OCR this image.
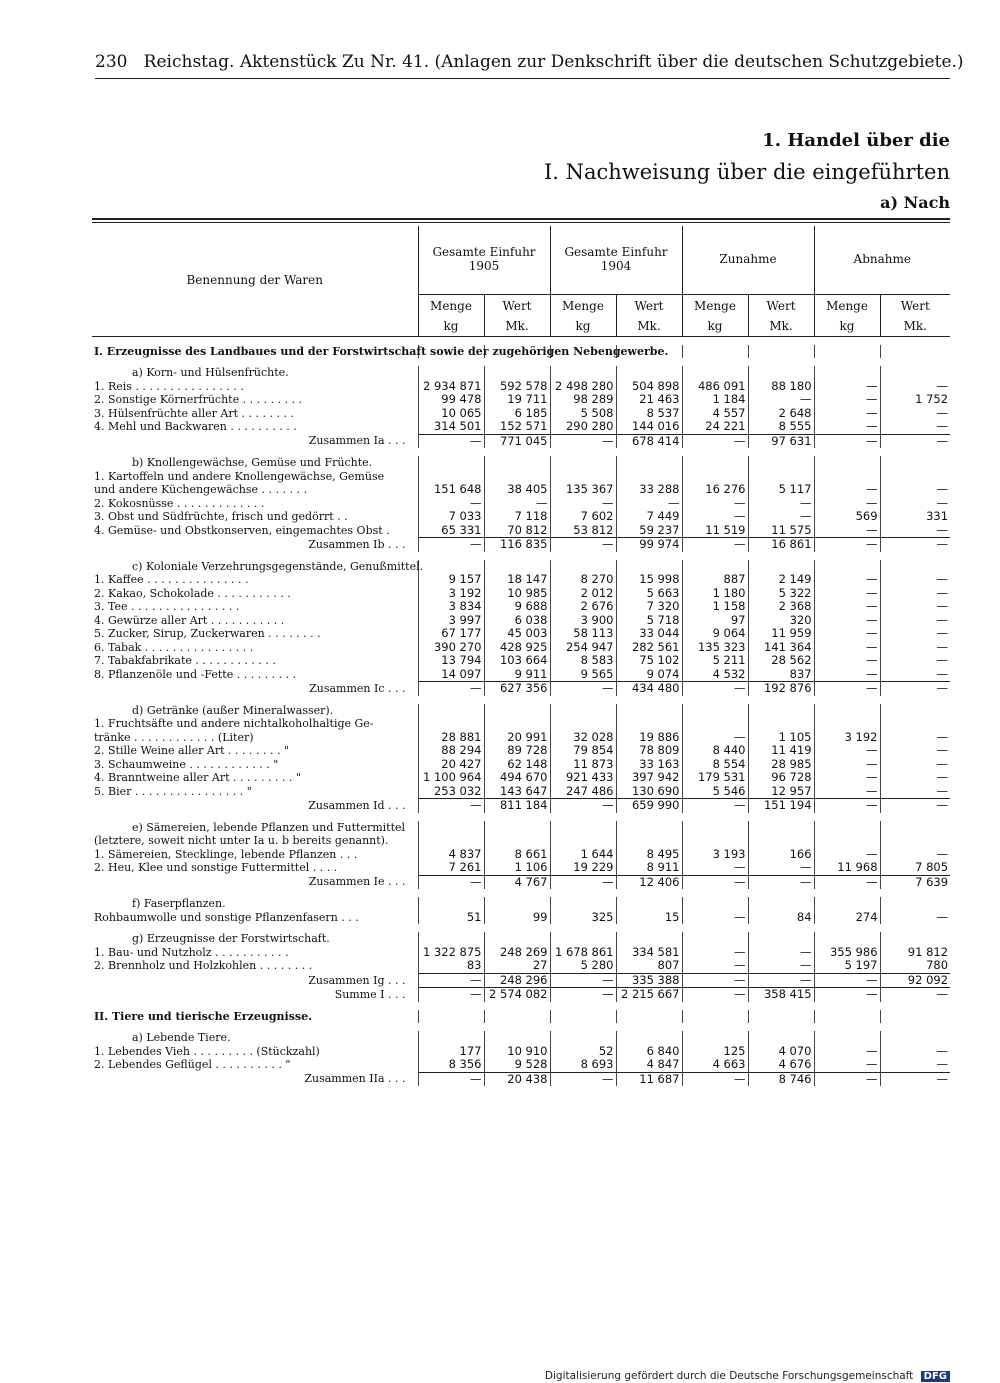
230 Reichstag. Aktenstück Zu Nr. 41. (Anlagen zur Denkschrift über die deutschen Schutzgebiete.)
1. Handel über die
I. Nachweisung über die eingeführten
a) Nach
Benennung der Waren	Gesamte Einfuhr 1905		Gesamte Einfuhr 1904		Zunahme		Abnahme	
	Menge	Wert	Menge	Wert	Menge	Wert	Menge	Wert
	kg	Mk.	kg	Mk.	kg	Mk.	kg	Mk.

I. Erzeugnisse des Landbaues und der Forstwirtschaft sowie der zugehörigen Nebengewerbe.								

a) Korn- und Hülsenfrüchte.								
1. Reis . . . . . . . . . . . . . . . .	2 934 871	592 578	2 498 280	504 898	486 091	88 180	—	—
2. Sonstige Körnerfrüchte . . . . . . . . .	99 478	19 711	98 289	21 463	1 184	—	—	1 752
3. Hülsenfrüchte aller Art . . . . . . . .	10 065	6 185	5 508	8 537	4 557	2 648	—	—
4. Mehl und Backwaren . . . . . . . . . .	314 501	152 571	290 280	144 016	24 221	8 555	—	—
Zusammen Ia . . .	—	771 045	—	678 414	—	97 631	—	—

b) Knollengewächse, Gemüse und Früchte.								
1. Kartoffeln und andere Knollengewächse, Gemüse								
und andere Küchengewächse . . . . . . .	151 648	38 405	135 367	33 288	16 276	5 117	—	—
2. Kokosnüsse . . . . . . . . . . . . .	—	—	—	—	—	—	—	—
3. Obst und Südfrüchte, frisch und gedörrt . .	7 033	7 118	7 602	7 449	—	—	569	331
4. Gemüse- und Obstkonserven, eingemachtes Obst .	65 331	70 812	53 812	59 237	11 519	11 575	—	—
Zusammen Ib . . .	—	116 835	—	99 974	—	16 861	—	—

c) Koloniale Verzehrungsgegenstände, Genußmittel.								
1. Kaffee . . . . . . . . . . . . . . .	9 157	18 147	8 270	15 998	887	2 149	—	—
2. Kakao, Schokolade . . . . . . . . . . .	3 192	10 985	2 012	5 663	1 180	5 322	—	—
3. Tee . . . . . . . . . . . . . . . .	3 834	9 688	2 676	7 320	1 158	2 368	—	—
4. Gewürze aller Art . . . . . . . . . . .	3 997	6 038	3 900	5 718	97	320	—	—
5. Zucker, Sirup, Zuckerwaren . . . . . . . .	67 177	45 003	58 113	33 044	9 064	11 959	—	—
6. Tabak . . . . . . . . . . . . . . . .	390 270	428 925	254 947	282 561	135 323	141 364	—	—
7. Tabakfabrikate . . . . . . . . . . . .	13 794	103 664	8 583	75 102	5 211	28 562	—	—
8. Pflanzenöle und -Fette . . . . . . . . .	14 097	9 911	9 565	9 074	4 532	837	—	—
Zusammen Ic . . .	—	627 356	—	434 480	—	192 876	—	—

d) Getränke (außer Mineralwasser).								
1. Fruchtsäfte und andere nichtalkoholhaltige Ge-								
tränke . . . . . . . . . . . . (Liter)	28 881	20 991	32 028	19 886	—	1 105	3 192	—
2. Stille Weine aller Art . . . . . . . . "	88 294	89 728	79 854	78 809	8 440	11 419	—	—
3. Schaumweine . . . . . . . . . . . . "	20 427	62 148	11 873	33 163	8 554	28 985	—	—
4. Branntweine aller Art . . . . . . . . . "	1 100 964	494 670	921 433	397 942	179 531	96 728	—	—
5. Bier . . . . . . . . . . . . . . . . "	253 032	143 647	247 486	130 690	5 546	12 957	—	—
Zusammen Id . . .	—	811 184	—	659 990	—	151 194	—	—

e) Sämereien, lebende Pflanzen und Futtermittel								
(letztere, soweit nicht unter Ia u. b bereits genannt).								
1. Sämereien, Stecklinge, lebende Pflanzen . . .	4 837	8 661	1 644	8 495	3 193	166	—	—
2. Heu, Klee und sonstige Futtermittel . . . .	7 261	1 106	19 229	8 911	—	—	11 968	7 805
Zusammen Ie . . .	—	4 767	—	12 406	—	—	—	7 639

f) Faserpflanzen.								
Rohbaumwolle und sonstige Pflanzenfasern . . .	51	99	325	15	—	84	274	—

g) Erzeugnisse der Forstwirtschaft.								
1. Bau- und Nutzholz . . . . . . . . . . .	1 322 875	248 269	1 678 861	334 581	—	—	355 986	91 812
2. Brennholz und Holzkohlen . . . . . . . .	83	27	5 280	807	—	—	5 197	780
Zusammen Ig . . .	—	248 296	—	335 388	—	—	—	92 092
Summe I . . .	—	2 574 082	—	2 215 667	—	358 415	—	—

II. Tiere und tierische Erzeugnisse.								

a) Lebende Tiere.								
1. Lebendes Vieh . . . . . . . . . (Stückzahl)	177	10 910	52	6 840	125	4 070	—	—
2. Lebendes Geflügel . . . . . . . . . . "	8 356	9 528	8 693	4 847	4 663	4 676	—	—
Zusammen IIa . . .	—	20 438	—	11 687	—	8 746	—	—
Digitalisierung gefördert durch die Deutsche Forschungsgemeinschaft DFG
